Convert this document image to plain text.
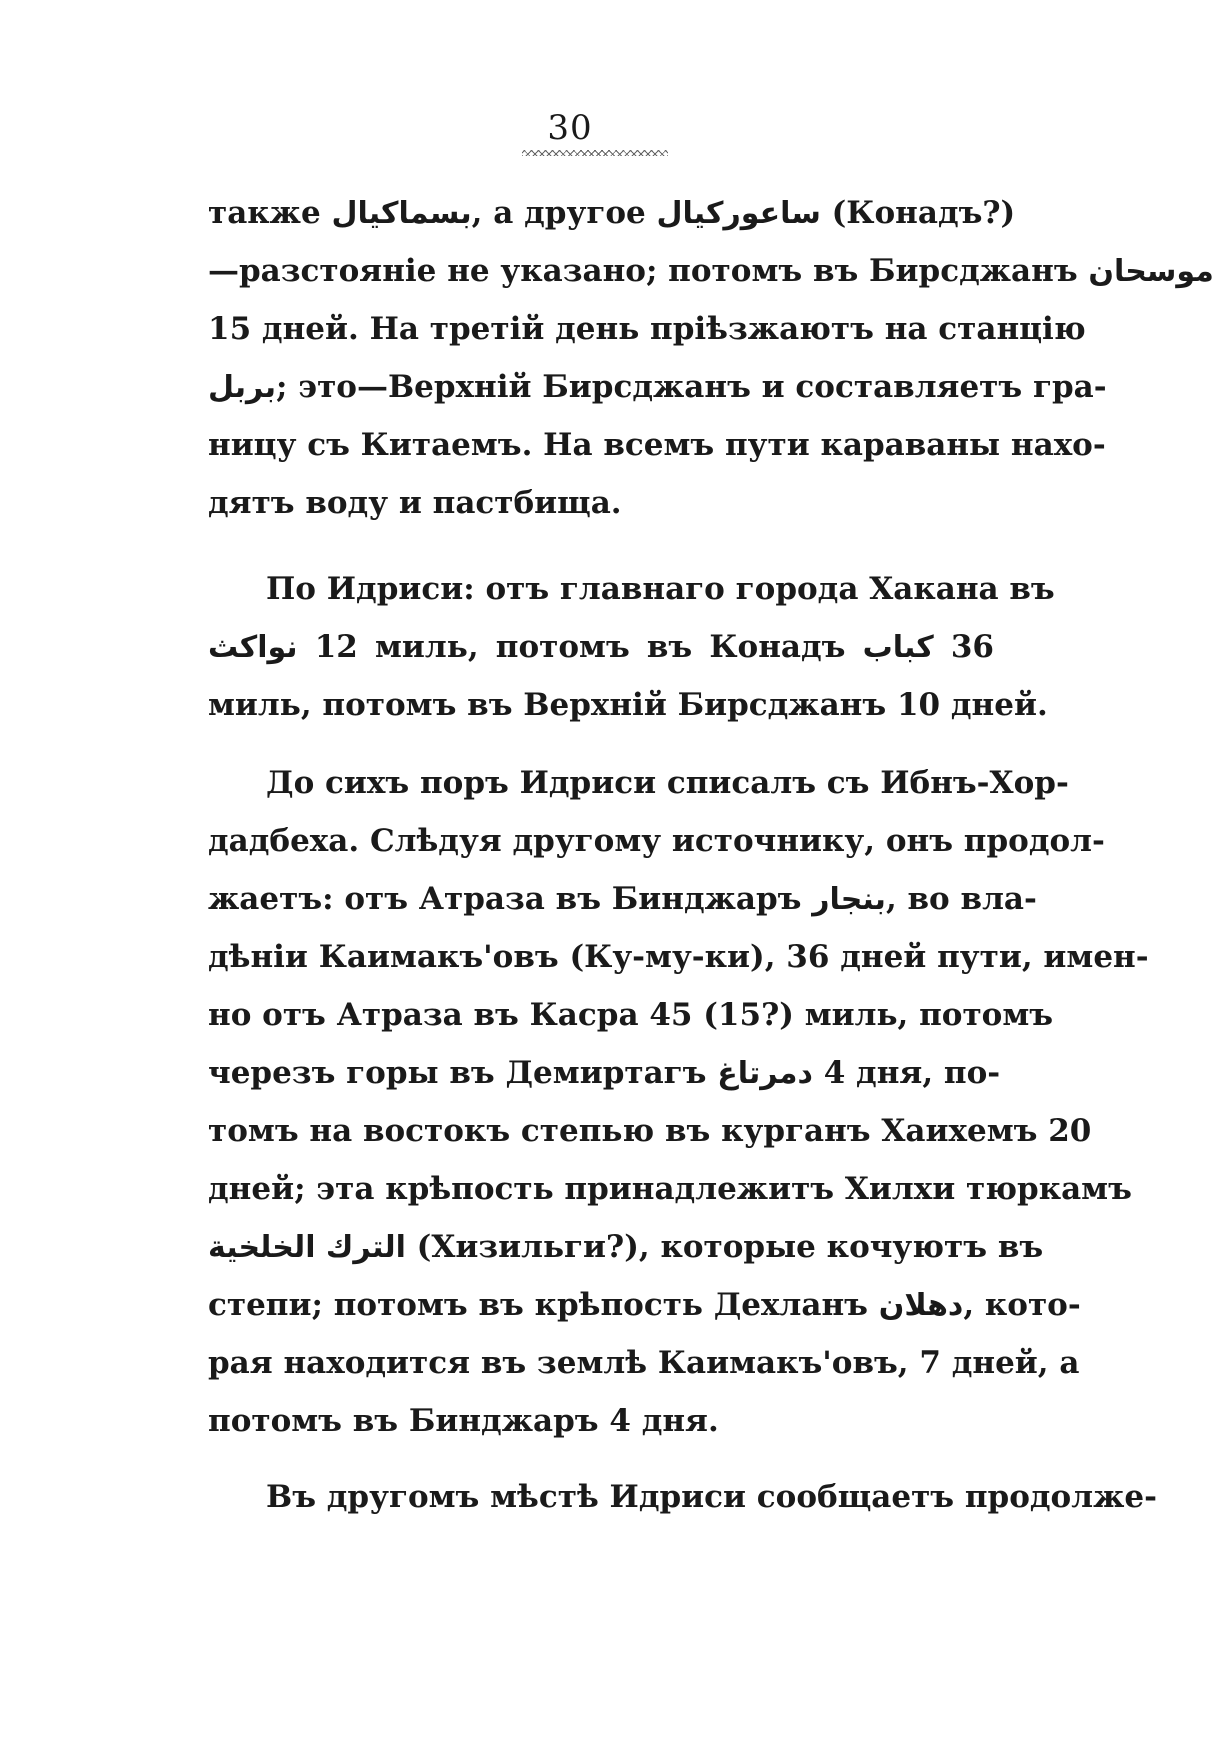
30
также بسماكيال, а другое ساعوركيال (Конадъ?)
—разстояніе не указано; потомъ въ Бирсджанъ موسحان
15 дней. На третій день пріѣзжаютъ на станцію
بربل; это—Верхній Бирсджанъ и составляетъ гра-
ницу съ Китаемъ. На всемъ пути караваны нахо-
дятъ воду и пастбища.
По Идриси: отъ главнаго города Хакана въ
نواكث 12 миль, потомъ въ Конадъ كباب 36
миль, потомъ въ Верхній Бирсджанъ 10 дней.
До сихъ поръ Идриси списалъ съ Ибнъ-Хор-
дадбеха. Слѣдуя другому источнику, онъ продол-
жаетъ: отъ Атраза въ Бинджаръ بنجار, во вла-
дѣніи Каимакъ'овъ (Ку-му-ки), 36 дней пути, имен-
но отъ Атраза въ Касра 45 (15?) миль, потомъ
черезъ горы въ Демиртагъ دمرتاغ 4 дня, по-
томъ на востокъ степью въ курганъ Хаихемъ 20
дней; эта крѣпость принадлежитъ Хилхи тюркамъ
الترك الخلخية (Хизильги?), которые кочуютъ въ
степи; потомъ въ крѣпость Дехланъ دهلان, кото-
рая находится въ землѣ Каимакъ'овъ, 7 дней, а
потомъ въ Бинджаръ 4 дня.
Въ другомъ мѣстѣ Идриси сообщаетъ продолже-
